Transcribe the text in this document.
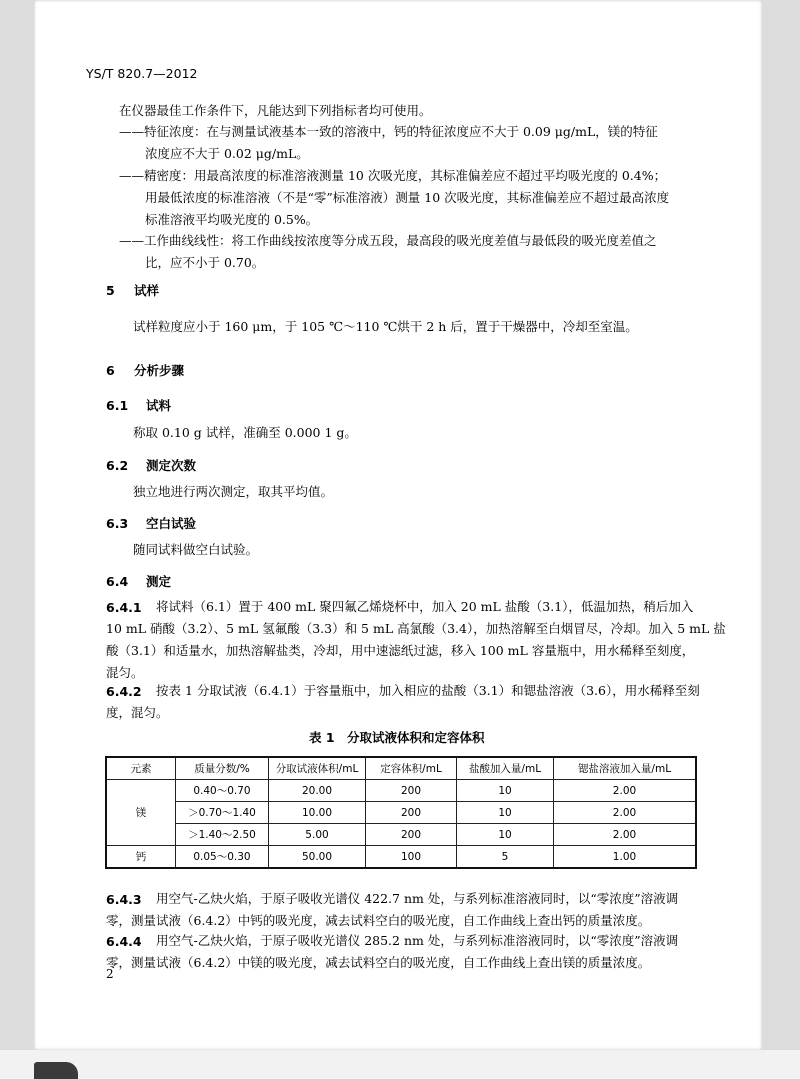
YS/T 820.7—2012
在仪器最佳工作条件下，凡能达到下列指标者均可使用。
——特征浓度：在与测量试液基本一致的溶液中，钙的特征浓度应不大于 0.09 μg/mL，镁的特征
浓度应不大于 0.02 μg/mL。
——精密度：用最高浓度的标准溶液测量 10 次吸光度，其标准偏差应不超过平均吸光度的 0.4%；
用最低浓度的标准溶液（不是“零”标准溶液）测量 10 次吸光度，其标准偏差应不超过最高浓度
标准溶液平均吸光度的 0.5%。
——工作曲线线性：将工作曲线按浓度等分成五段，最高段的吸光度差值与最低段的吸光度差值之
比，应不小于 0.70。
5 试样
试样粒度应小于 160 μm，于 105 ℃～110 ℃烘干 2 h 后，置于干燥器中，冷却至室温。
6 分析步骤
6.1 试料
称取 0.10 g 试样，准确至 0.000 1 g。
6.2 测定次数
独立地进行两次测定，取其平均值。
6.3 空白试验
随同试料做空白试验。
6.4 测定
6.4.1 将试料（6.1）置于 400 mL 聚四氟乙烯烧杯中，加入 20 mL 盐酸（3.1），低温加热，稍后加入
10 mL 硝酸（3.2）、5 mL 氢氟酸（3.3）和 5 mL 高氯酸（3.4），加热溶解至白烟冒尽，冷却。加入 5 mL 盐
酸（3.1）和适量水，加热溶解盐类，冷却，用中速滤纸过滤，移入 100 mL 容量瓶中，用水稀释至刻度，
混匀。
6.4.2 按表 1 分取试液（6.4.1）于容量瓶中，加入相应的盐酸（3.1）和锶盐溶液（3.6），用水稀释至刻
度，混匀。
表 1　分取试液体积和定容体积
元素	质量分数/%	分取试液体积/mL	定容体积/mL	盐酸加入量/mL	锶盐溶液加入量/mL
镁	0.40～0.70	20.00	200	10	2.00
	＞0.70～1.40	10.00	200	10	2.00
	＞1.40～2.50	5.00	200	10	2.00
钙	0.05～0.30	50.00	100	5	1.00
6.4.3 用空气-乙炔火焰，于原子吸收光谱仪 422.7 nm 处，与系列标准溶液同时，以“零浓度”溶液调
零，测量试液（6.4.2）中钙的吸光度，减去试料空白的吸光度，自工作曲线上查出钙的质量浓度。
6.4.4 用空气-乙炔火焰，于原子吸收光谱仪 285.2 nm 处，与系列标准溶液同时，以“零浓度”溶液调
零，测量试液（6.4.2）中镁的吸光度，减去试料空白的吸光度，自工作曲线上查出镁的质量浓度。
2
